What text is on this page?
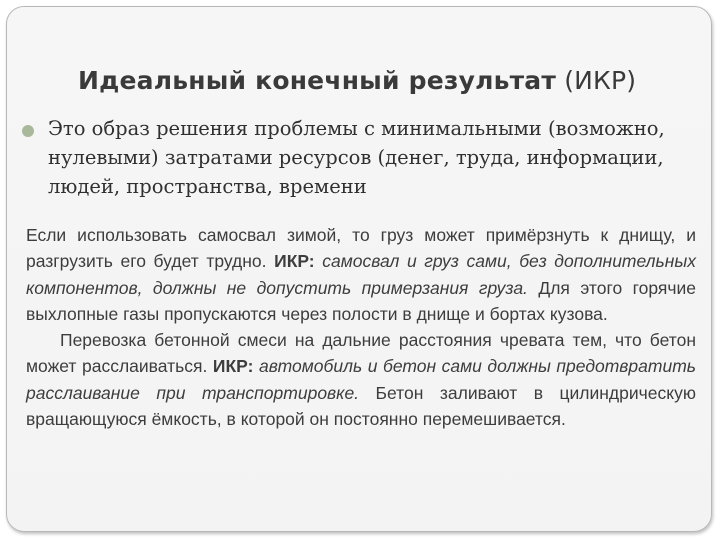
Идеальный конечный результат (ИКР)
Это образ решения проблемы с минимальными (возможно, нулевыми) затратами ресурсов (денег, труда, информации, людей, пространства, времени

Если использовать самосвал зимой, то груз может примёрзнуть к днищу, и разгрузить его будет трудно. ИКР: самосвал и груз сами, без дополнительных компонентов, должны не допустить примерзания груза. Для этого горячие выхлопные газы пропускаются через полости в днище и бортах кузова.

Перевозка бетонной смеси на дальние расстояния чревата тем, что бетон может расслаиваться. ИКР: автомобиль и бетон сами должны предотвратить расслаивание при транспортировке. Бетон заливают в цилиндрическую вращающуюся ёмкость, в которой он постоянно перемешивается.
